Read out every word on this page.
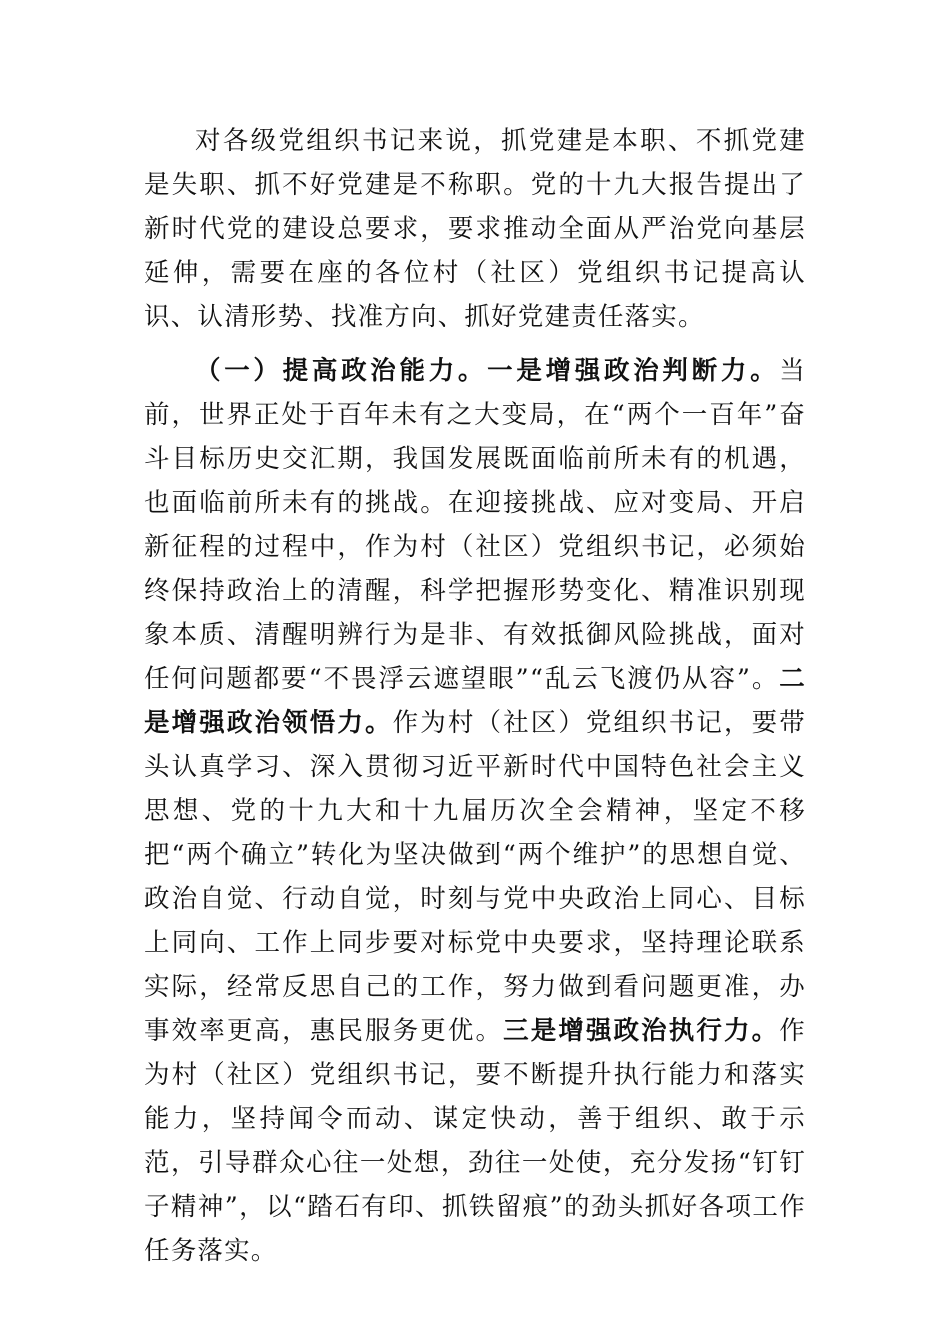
对各级党组织书记来说，抓党建是本职、不抓党建是失职、抓不好党建是不称职。党的十九大报告提出了新时代党的建设总要求，要求推动全面从严治党向基层延伸，需要在座的各位村（社区）党组织书记提高认识、认清形势、找准方向、抓好党建责任落实。

（一）提高政治能力。一是增强政治判断力。当前，世界正处于百年未有之大变局，在“两个一百年”奋斗目标历史交汇期，我国发展既面临前所未有的机遇，也面临前所未有的挑战。在迎接挑战、应对变局、开启新征程的过程中，作为村（社区）党组织书记，必须始终保持政治上的清醒，科学把握形势变化、精准识别现象本质、清醒明辨行为是非、有效抵御风险挑战，面对任何问题都要“不畏浮云遮望眼”“乱云飞渡仍从容”。二是增强政治领悟力。作为村（社区）党组织书记，要带头认真学习、深入贯彻习近平新时代中国特色社会主义思想、党的十九大和十九届历次全会精神，坚定不移把“两个确立”转化为坚决做到“两个维护”的思想自觉、政治自觉、行动自觉，时刻与党中央政治上同心、目标上同向、工作上同步要对标党中央要求，坚持理论联系实际，经常反思自己的工作，努力做到看问题更准，办事效率更高，惠民服务更优。三是增强政治执行力。作为村（社区）党组织书记，要不断提升执行能力和落实能力，坚持闻令而动、谋定快动，善于组织、敢于示范，引导群众心往一处想，劲往一处使，充分发扬“钉钉子精神”，以“踏石有印、抓铁留痕”的劲头抓好各项工作任务落实。
